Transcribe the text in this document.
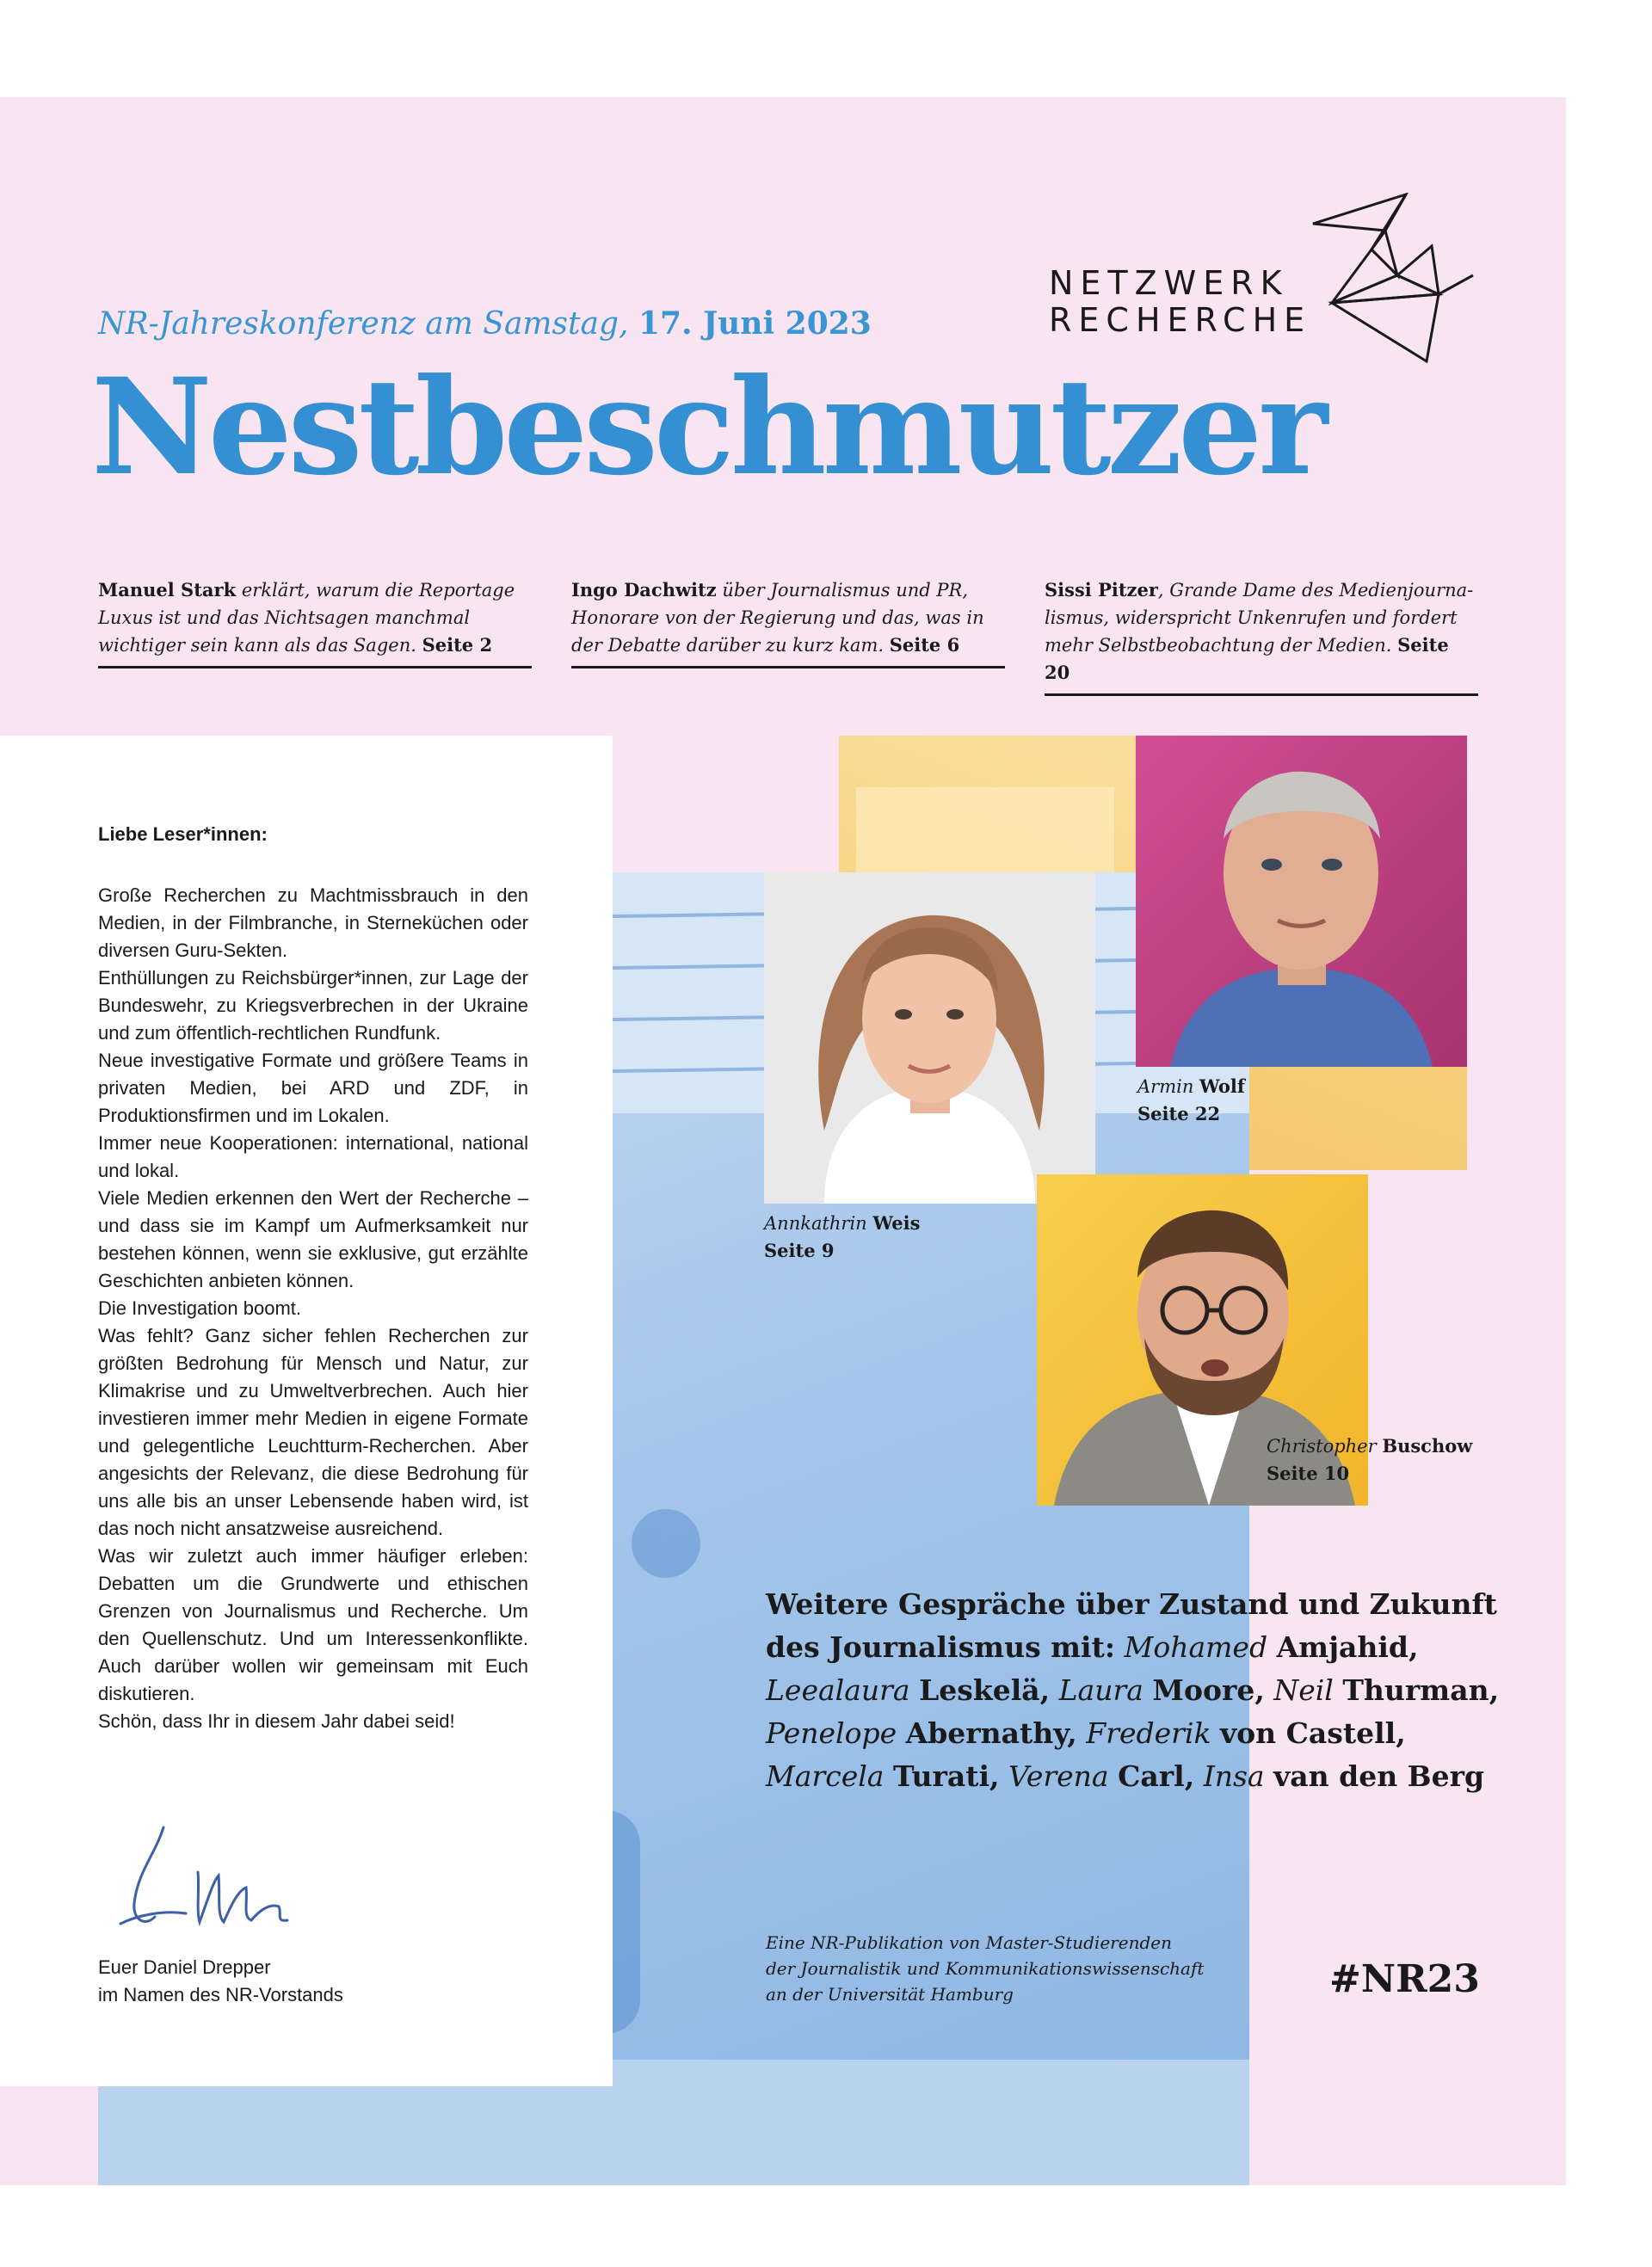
NR-Jahreskonferenz am Samstag, 17. Juni 2023
Nestbeschmutzer
NETZWERK
RECHERCHE
Manuel Stark erklärt, warum die Reportage Luxus ist und das Nichtsagen manchmal wichtiger sein kann als das Sagen. Seite 2
Ingo Dachwitz über Journalismus und PR, Honorare von der Regierung und das, was in der Debatte darüber zu kurz kam. Seite 6
Sissi Pitzer, Grande Dame des Medienjournalismus, widerspricht Unkenrufen und fordert mehr Selbstbeobachtung der Medien. Seite 20
Armin Wolf
Seite 22
Annkathrin Weis
Seite 9
Christopher Buschow
Seite 10
Liebe Leser*innen:

Große Recherchen zu Machtmissbrauch in den Medien, in der Filmbranche, in Sterneküchen oder diversen Guru-Sekten.

Enthüllungen zu Reichsbürger*innen, zur Lage der Bundeswehr, zu Kriegsverbrechen in der Ukraine und zum öffentlich-rechtlichen Rundfunk.

Neue investigative Formate und größere Teams in privaten Medien, bei ARD und ZDF, in Produktionsfirmen und im Lokalen.

Immer neue Kooperationen: international, national und lokal.

Viele Medien erkennen den Wert der Recherche – und dass sie im Kampf um Aufmerksamkeit nur bestehen können, wenn sie exklusive, gut erzählte Geschichten anbieten können.

Die Investigation boomt.

Was fehlt? Ganz sicher fehlen Recherchen zur größten Bedrohung für Mensch und Natur, zur Klimakrise und zu Umweltverbrechen. Auch hier investieren immer mehr Medien in eigene Formate und gelegentliche Leuchtturm-Recherchen. Aber angesichts der Relevanz, die diese Bedrohung für uns alle bis an unser Lebensende haben wird, ist das noch nicht ansatzweise ausreichend.

Was wir zuletzt auch immer häufiger erleben: Debatten um die Grundwerte und ethischen Grenzen von Journalismus und Recherche. Um den Quellenschutz. Und um Interessenkonflikte. Auch darüber wollen wir gemeinsam mit Euch diskutieren.

Schön, dass Ihr in diesem Jahr dabei seid!

Euer Daniel Drepper
im Namen des NR-Vorstands
Weitere Gespräche über Zustand und Zukunft des Journalismus mit: Mohamed Amjahid, Leealaura Leskelä, Laura Moore, Neil Thurman, Penelope Abernathy, Frederik von Castell, Marcela Turati, Verena Carl, Insa van den Berg
Eine NR-Publikation von Master-Studierenden
der Journalistik und Kommunikationswissenschaft
an der Universität Hamburg	#NR23
